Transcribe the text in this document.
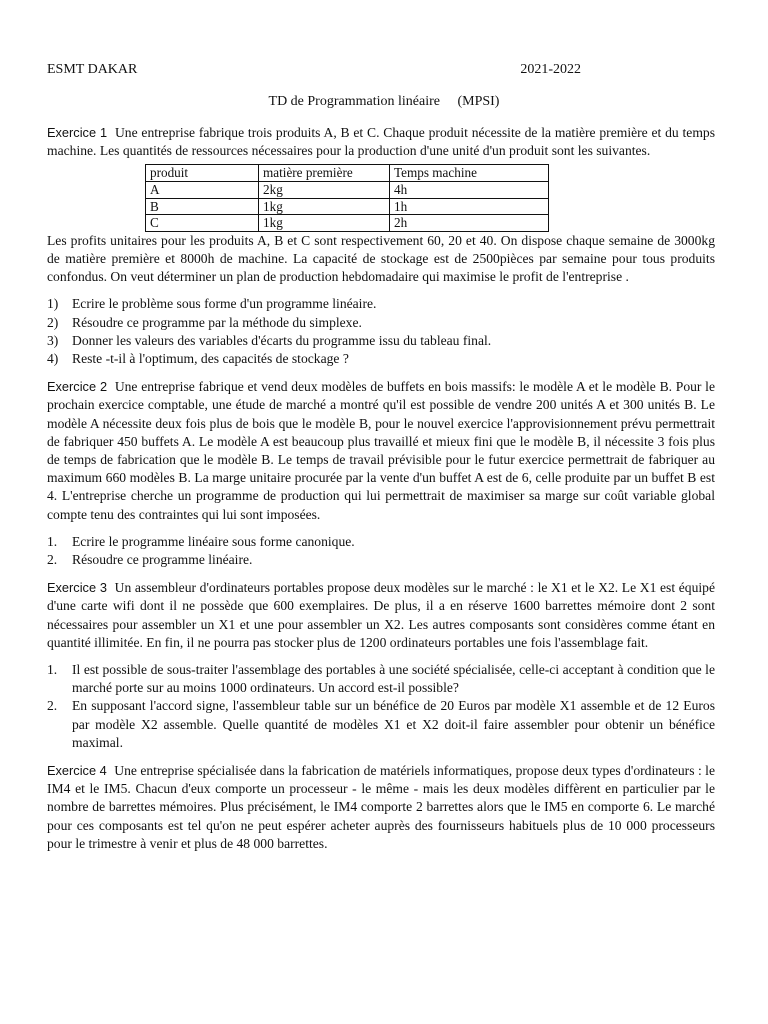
ESMT DAKAR	2021-2022
TD de Programmation linéaire     (MPSI)

Exercice 1 Une entreprise fabrique trois produits A, B et C. Chaque produit nécessite de la matière première et du temps machine. Les quantités de ressources nécessaires pour la production d'une unité d'un produit sont les suivantes.

produit	matière première	Temps machine
A	2kg	4h
B	1kg	1h
C	1kg	2h

Les profits unitaires pour les produits A, B et C sont respectivement 60, 20 et 40. On dispose chaque semaine de 3000kg de matière première et 8000h de machine. La capacité de stockage est de 2500pièces par semaine pour tous produits confondus. On veut déterminer un plan de production hebdomadaire qui maximise le profit de l'entreprise .

1) Ecrire le problème sous forme d'un programme linéaire.
2) Résoudre ce programme par la méthode du simplexe.
3) Donner les valeurs des variables d'écarts du programme issu du tableau final.
4) Reste -t-il à l'optimum, des capacités de stockage ?

Exercice 2 Une entreprise fabrique et vend deux modèles de buffets en bois massifs: le modèle A et le modèle B. Pour le prochain exercice comptable, une étude de marché a montré qu'il est possible de vendre 200 unités A et 300 unités B. Le modèle A nécessite deux fois plus de bois que le modèle B, pour le nouvel exercice l'approvisionnement prévu permettrait de fabriquer 450 buffets A. Le modèle A est beaucoup plus travaillé et mieux fini que le modèle B, il nécessite 3 fois plus de temps de fabrication que le modèle B. Le temps de travail prévisible pour le futur exercice permettrait de fabriquer au maximum 660 modèles B. La marge unitaire procurée par la vente d'un buffet A est de 6, celle produite par un buffet B est 4. L'entreprise cherche un programme de production qui lui permettrait de maximiser sa marge sur coût variable global compte tenu des contraintes qui lui sont imposées.

1. Ecrire le programme linéaire sous forme canonique.
2. Résoudre ce programme linéaire.

Exercice 3 Un assembleur d'ordinateurs portables propose deux modèles sur le marché : le X1 et le X2. Le X1 est équipé d'une carte wifi dont il ne possède que 600 exemplaires. De plus, il a en réserve 1600 barrettes mémoire dont 2 sont nécessaires pour assembler un X1 et une pour assembler un X2. Les autres composants sont considères comme étant en quantité illimitée. En fin, il ne pourra pas stocker plus de 1200 ordinateurs portables une fois l'assemblage fait.

1. Il est possible de sous-traiter l'assemblage des portables à une société spécialisée, celle-ci acceptant à condition que le marché porte sur au moins 1000 ordinateurs. Un accord est-il possible?
2. En supposant l'accord signe, l'assembleur table sur un bénéfice de 20 Euros par modèle X1 assemble et de 12 Euros par modèle X2 assemble. Quelle quantité de modèles X1 et X2 doit-il faire assembler pour obtenir un bénéfice maximal.

Exercice 4 Une entreprise spécialisée dans la fabrication de matériels informatiques, propose deux types d'ordinateurs : le IM4 et le IM5. Chacun d'eux comporte un processeur - le même - mais les deux modèles diffèrent en particulier par le nombre de barrettes mémoires. Plus précisément, le IM4 comporte 2 barrettes alors que le IM5 en comporte 6. Le marché pour ces composants est tel qu'on ne peut espérer acheter auprès des fournisseurs habituels plus de 10 000 processeurs pour le trimestre à venir et plus de 48 000 barrettes.
